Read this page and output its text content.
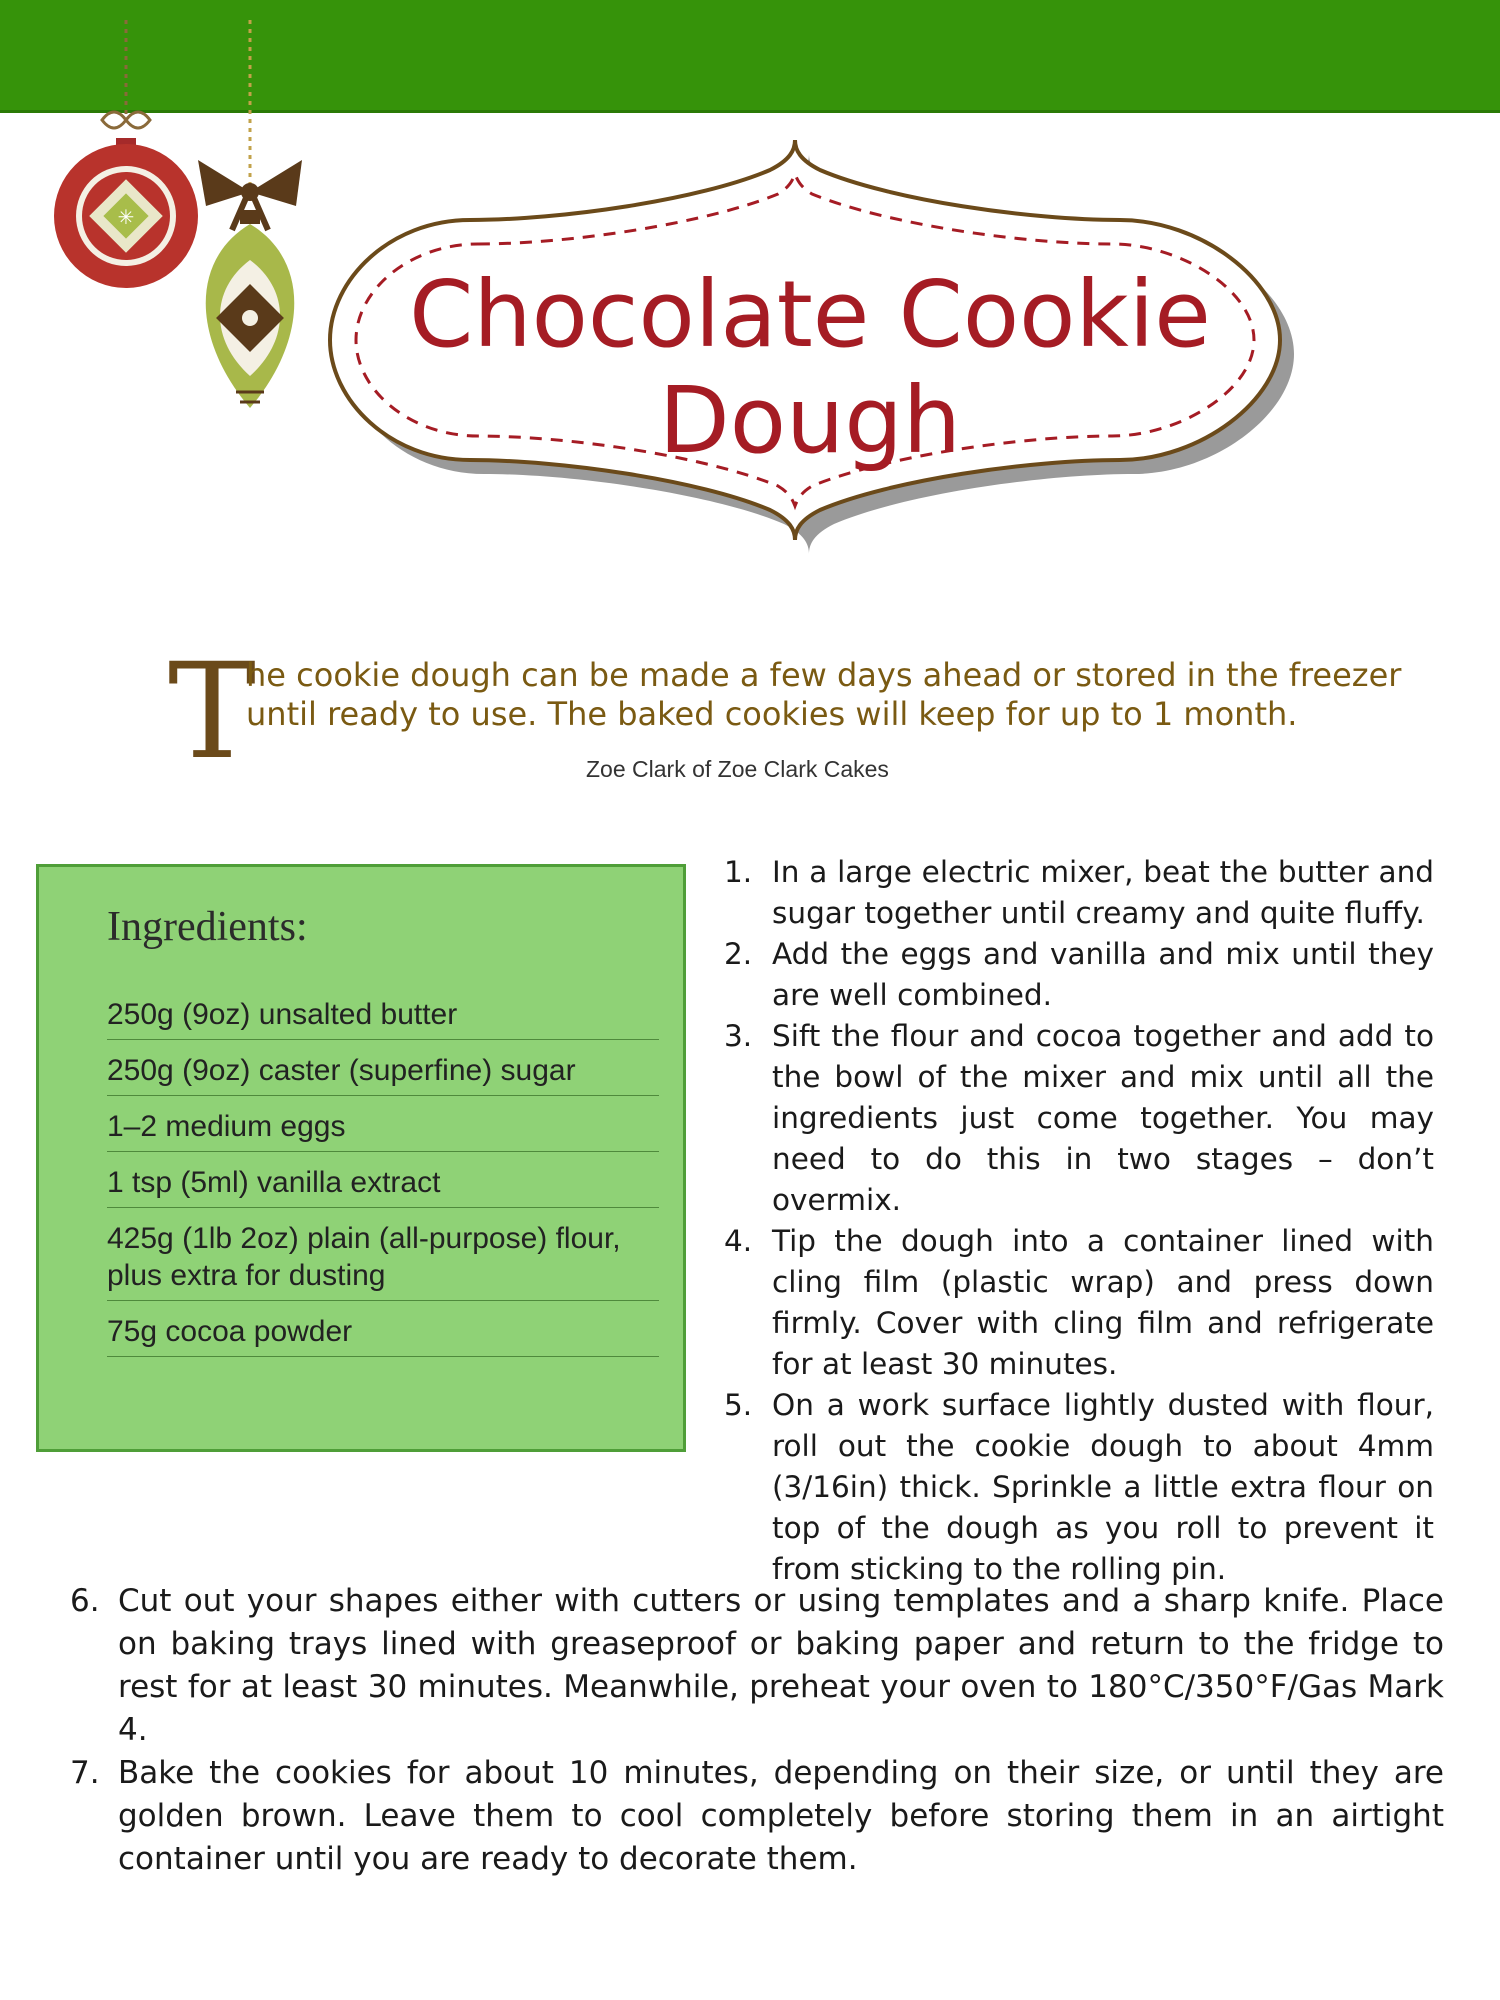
✳
Chocolate Cookie Dough
T
he cookie dough can be made a few days ahead or stored in the freezer until ready to use. The baked cookies will keep for up to 1 month.
Zoe Clark of Zoe Clark Cakes
Ingredients:
250g (9oz) unsalted butter
250g (9oz) caster (superfine) sugar
1–2 medium eggs
1 tsp (5ml) vanilla extract
425g (1lb 2oz) plain (all-purpose) flour, plus extra for dusting
75g cocoa powder
1. In a large electric mixer, beat the butter and sugar together until creamy and quite fluffy.
2. Add the eggs and vanilla and mix until they are well combined.
3. Sift the flour and cocoa together and add to the bowl of the mixer and mix until all the ingredients just come together. You may need to do this in two stages – don’t overmix.
4. Tip the dough into a container lined with cling film (plastic wrap) and press down firmly. Cover with cling film and refrigerate for at least 30 minutes.
5. On a work surface lightly dusted with flour, roll out the cookie dough to about 4mm (3/16in) thick. Sprinkle a little extra flour on top of the dough as you roll to prevent it from sticking to the rolling pin.
6. Cut out your shapes either with cutters or using templates and a sharp knife. Place on baking trays lined with greaseproof or baking paper and return to the fridge to rest for at least 30 minutes. Meanwhile, preheat your oven to 180°C/350°F/Gas Mark 4.
7. Bake the cookies for about 10 minutes, depending on their size, or until they are golden brown. Leave them to cool completely before storing them in an airtight container until you are ready to decorate them.
